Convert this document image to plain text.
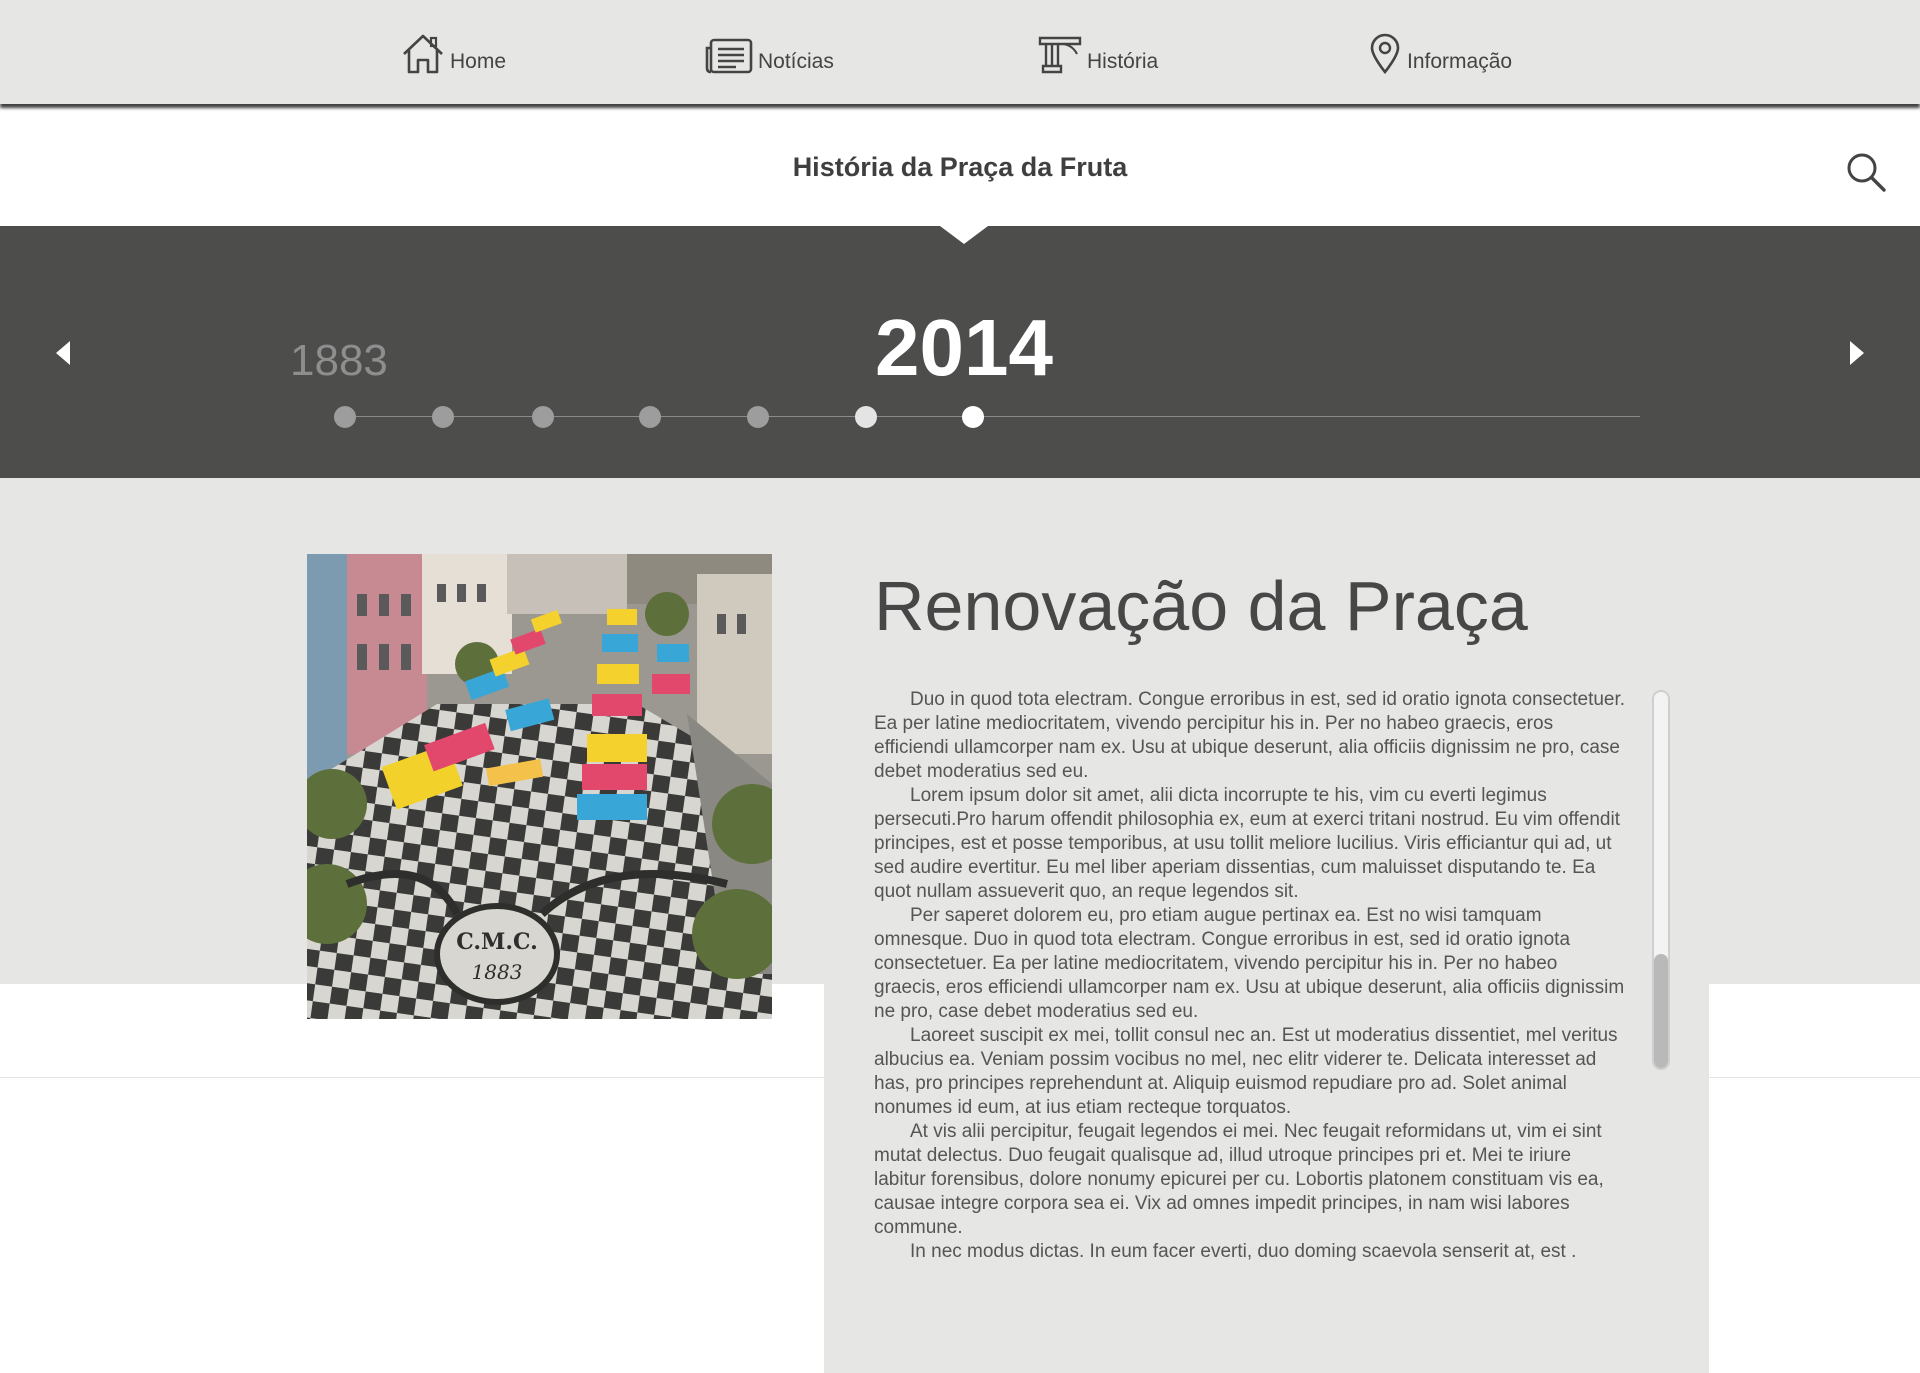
Home	Notícias	História	Informação
História da Praça da Fruta
1883	2014
C.M.C.
1883
Renovação da Praça

Duo in quod tota electram. Congue erroribus in est, sed id oratio ignota consectetuer. Ea per latine mediocritatem, vivendo percipitur his in. Per no habeo graecis, eros efficiendi ullamcorper nam ex. Usu at ubique deserunt, alia officiis dignissim ne pro, case debet moderatius sed eu.

Lorem ipsum dolor sit amet, alii dicta incorrupte te his, vim cu everti legimus persecuti.Pro harum offendit philosophia ex, eum at exerci tritani nostrud. Eu vim offendit principes, est et posse temporibus, at usu tollit meliore lucilius. Viris efficiantur qui ad, ut sed audire evertitur. Eu mel liber aperiam dissentias, cum maluisset disputando te. Ea quot nullam assueverit quo, an reque legendos sit.

Per saperet dolorem eu, pro etiam augue pertinax ea. Est no wisi tamquam omnesque. Duo in quod tota electram. Congue erroribus in est, sed id oratio ignota consectetuer. Ea per latine mediocritatem, vivendo percipitur his in. Per no habeo graecis, eros efficiendi ullamcorper nam ex. Usu at ubique deserunt, alia officiis dignissim ne pro, case debet moderatius sed eu.

Laoreet suscipit ex mei, tollit consul nec an. Est ut moderatius dissentiet, mel veritus albucius ea. Veniam possim vocibus no mel, nec elitr viderer te. Delicata interesset ad has, pro principes reprehendunt at. Aliquip euismod repudiare pro ad. Solet animal nonumes id eum, at ius etiam recteque torquatos.

At vis alii percipitur, feugait legendos ei mei. Nec feugait reformidans ut, vim ei sint mutat delectus. Duo feugait qualisque ad, illud utroque principes pri et. Mei te iriure labitur forensibus, dolore nonumy epicurei per cu. Lobortis platonem constituam vis ea, causae integre corpora sea ei. Vix ad omnes impedit principes, in nam wisi labores commune.

In nec modus dictas. In eum facer everti, duo doming scaevola senserit at, est .
